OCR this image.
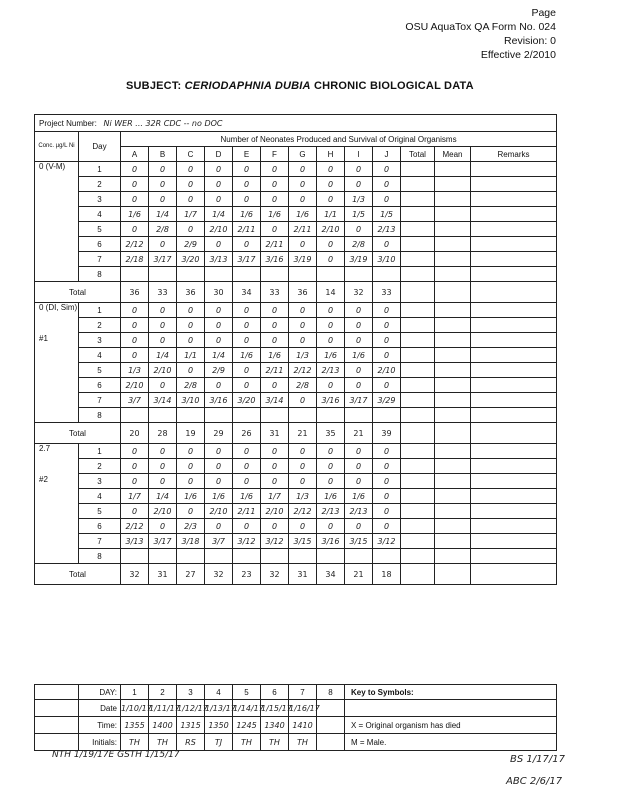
Page
OSU AquaTox QA Form No. 024
Revision: 0
Effective 2/2010
SUBJECT: CERIODAPHNIA DUBIA CHRONIC BIOLOGICAL DATA
Project Number: Ni WER ... 32R CDC -- no DOC														
Conc. µg/L Ni	Day	Number of Neonates Produced and Survival of Original Organisms												
		A	B	C	D	E	F	G	H	I	J	Total	Mean	Remarks

0 (V-M)	1	0	0	0	0	0	0	0	0	0	0			
	2	0	0	0	0	0	0	0	0	0	0			
	3	0	0	0	0	0	0	0	0	1/3	0			
	4	1/6	1/4	1/7	1/4	1/6	1/6	1/6	1/1	1/5	1/5			
	5	0	2/8	0	2/10	2/11	0	2/11	2/10	0	2/13			
	6	2/12	0	2/9	0	0	2/11	0	0	2/8	0			
	7	2/18	3/17	3/20	3/13	3/17	3/16	3/19	0	3/19	3/10			
	8													
Total		36	33	36	30	34	33	36	14	32	33			

0 (DI, Sim)
#1	1	0	0	0	0	0	0	0	0	0	0			
	2	0	0	0	0	0	0	0	0	0	0			
	3	0	0	0	0	0	0	0	0	0	0			
	4	0	1/4	1/1	1/4	1/6	1/6	1/3	1/6	1/6	0			
	5	1/3	2/10	0	2/9	0	2/11	2/12	2/13	0	2/10			
	6	2/10	0	2/8	0	0	0	2/8	0	0	0			
	7	3/7	3/14	3/10	3/16	3/20	3/14	0	3/16	3/17	3/29			
	8													
Total		20	28	19	29	26	31	21	35	21	39			

2.7
#2	1	0	0	0	0	0	0	0	0	0	0			
	2	0	0	0	0	0	0	0	0	0	0			
	3	0	0	0	0	0	0	0	0	0	0			
	4	1/7	1/4	1/6	1/6	1/6	1/7	1/3	1/6	1/6	0			
	5	0	2/10	0	2/10	2/11	2/10	2/12	2/13	2/13	0			
	6	2/12	0	2/3	0	0	0	0	0	0	0			
	7	3/13	3/17	3/18	3/7	3/12	3/12	3/15	3/16	3/15	3/12			
	8													
Total		32	31	27	32	23	32	31	34	21	18			
	DAY:	1	2	3	4	5	6	7	8	Key to Symbols:
	Date	1/10/17	1/11/17	1/12/17	1/13/17	1/14/17	1/15/17	1/16/17		
	Time:	1355	1400	1315	1350	1245	1340	1410		X = Original organism has died
	Initials:	TH	TH	RS	TJ	TH	TH	TH		M = Male.
NTH 1/19/17E GSTH 1/15/17	BS 1/17/17
ABC 2/6/17
